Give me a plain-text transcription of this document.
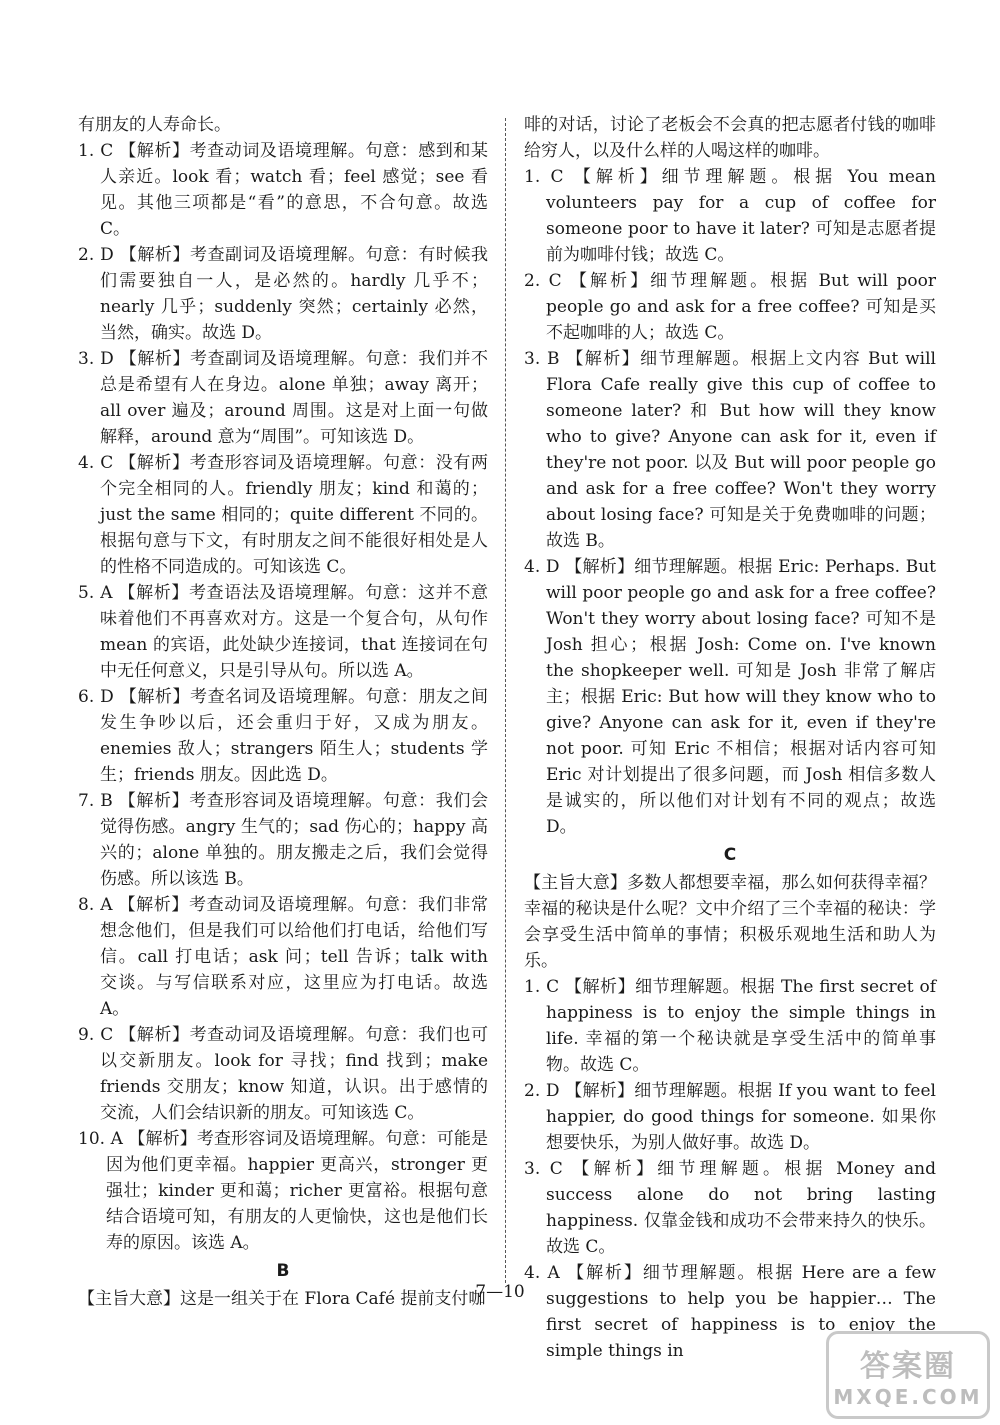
有朋友的人寿命长。

1. C 【解析】考查动词及语境理解。句意：感到和某人亲近。look 看；watch 看；feel 感觉；see 看见。其他三项都是“看”的意思，不合句意。故选 C。

2. D 【解析】考查副词及语境理解。句意：有时候我们需要独自一人，是必然的。hardly 几乎不；nearly 几乎；suddenly 突然；certainly 必然，当然，确实。故选 D。

3. D 【解析】考查副词及语境理解。句意：我们并不总是希望有人在身边。alone 单独；away 离开；all over 遍及；around 周围。这是对上面一句做解释，around 意为“周围”。可知该选 D。

4. C 【解析】考查形容词及语境理解。句意：没有两个完全相同的人。friendly 朋友；kind 和蔼的；just the same 相同的；quite different 不同的。根据句意与下文，有时朋友之间不能很好相处是人的性格不同造成的。可知该选 C。

5. A 【解析】考查语法及语境理解。句意：这并不意味着他们不再喜欢对方。这是一个复合句，从句作 mean 的宾语，此处缺少连接词，that 连接词在句中无任何意义，只是引导从句。所以选 A。

6. D 【解析】考查名词及语境理解。句意：朋友之间发生争吵以后，还会重归于好，又成为朋友。enemies 敌人；strangers 陌生人；students 学生；friends 朋友。因此选 D。

7. B 【解析】考查形容词及语境理解。句意：我们会觉得伤感。angry 生气的；sad 伤心的；happy 高兴的；alone 单独的。朋友搬走之后，我们会觉得伤感。所以该选 B。

8. A 【解析】考查动词及语境理解。句意：我们非常想念他们，但是我们可以给他们打电话，给他们写信。call 打电话；ask 问；tell 告诉；talk with 交谈。与写信联系对应，这里应为打电话。故选 A。

9. C 【解析】考查动词及语境理解。句意：我们也可以交新朋友。look for 寻找；find 找到；make friends 交朋友；know 知道，认识。出于感情的交流，人们会结识新的朋友。可知该选 C。

10. A 【解析】考查形容词及语境理解。句意：可能是因为他们更幸福。happier 更高兴，stronger 更强壮；kinder 更和蔼；richer 更富裕。根据句意结合语境可知，有朋友的人更愉快，这也是他们长寿的原因。该选 A。

B

【主旨大意】这是一组关于在 Flora Café 提前支付咖

啡的对话，讨论了老板会不会真的把志愿者付钱的咖啡给穷人，以及什么样的人喝这样的咖啡。

1. C 【解析】细节理解题。根据 You mean volunteers pay for a cup of coffee for someone poor to have it later? 可知是志愿者提前为咖啡付钱；故选 C。

2. C 【解析】细节理解题。根据 But will poor people go and ask for a free coffee? 可知是买不起咖啡的人；故选 C。

3. B 【解析】细节理解题。根据上文内容 But will Flora Cafe really give this cup of coffee to someone later? 和 But how will they know who to give? Anyone can ask for it, even if they're not poor. 以及 But will poor people go and ask for a free coffee? Won't they worry about losing face? 可知是关于免费咖啡的问题；故选 B。

4. D 【解析】细节理解题。根据 Eric: Perhaps. But will poor people go and ask for a free coffee? Won't they worry about losing face? 可知不是 Josh 担心；根据 Josh: Come on. I've known the shopkeeper well. 可知是 Josh 非常了解店主；根据 Eric: But how will they know who to give? Anyone can ask for it, even if they're not poor. 可知 Eric 不相信；根据对话内容可知 Eric 对计划提出了很多问题，而 Josh 相信多数人是诚实的，所以他们对计划有不同的观点；故选 D。

C

【主旨大意】多数人都想要幸福，那么如何获得幸福？幸福的秘诀是什么呢？文中介绍了三个幸福的秘诀：学会享受生活中简单的事情；积极乐观地生活和助人为乐。

1. C 【解析】细节理解题。根据 The first secret of happiness is to enjoy the simple things in life. 幸福的第一个秘诀就是享受生活中的简单事物。故选 C。

2. D 【解析】细节理解题。根据 If you want to feel happier, do good things for someone. 如果你想要快乐，为别人做好事。故选 D。

3. C 【解析】细节理解题。根据 Money and success alone do not bring lasting happiness. 仅靠金钱和成功不会带来持久的快乐。故选 C。

4. A 【解析】细节理解题。根据 Here are a few suggestions to help you be happier… The first secret of happiness is to enjoy the simple things in

7—10
答案圈
MXQE.COM
